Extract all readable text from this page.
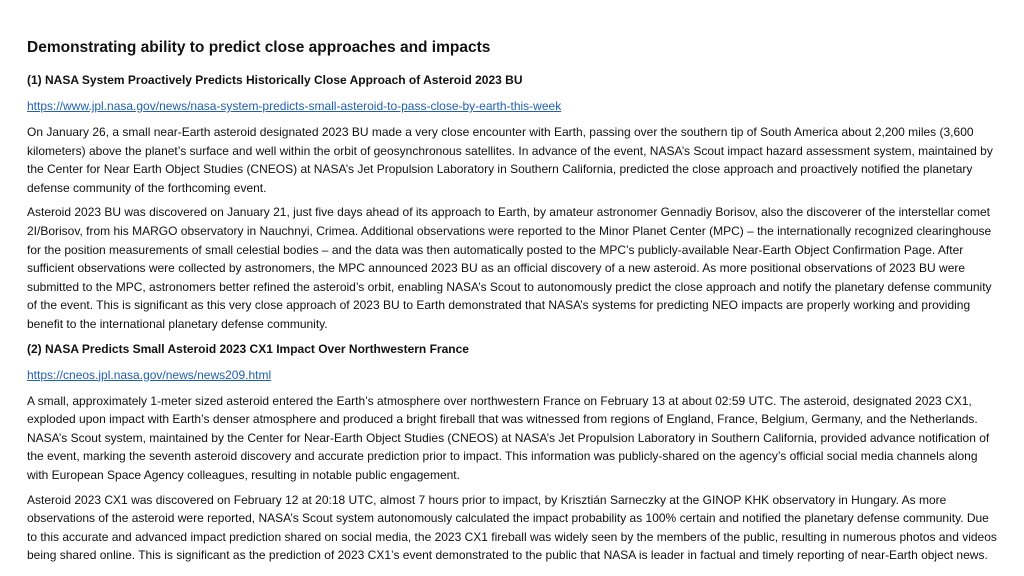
Demonstrating ability to predict close approaches and impacts
(1) NASA System Proactively Predicts Historically Close Approach of Asteroid 2023 BU
https://www.jpl.nasa.gov/news/nasa-system-predicts-small-asteroid-to-pass-close-by-earth-this-week

On January 26, a small near-Earth asteroid designated 2023 BU made a very close encounter with Earth, passing over the southern tip of South America about 2,200 miles (3,600 kilometers) above the planet’s surface and well within the orbit of geosynchronous satellites. In advance of the event, NASA’s Scout impact hazard assessment system, maintained by the Center for Near Earth Object Studies (CNEOS) at NASA’s Jet Propulsion Laboratory in Southern California, predicted the close approach and proactively notified the planetary defense community of the forthcoming event.

Asteroid 2023 BU was discovered on January 21, just five days ahead of its approach to Earth, by amateur astronomer Gennadiy Borisov, also the discoverer of the interstellar comet 2I/Borisov, from his MARGO observatory in Nauchnyi, Crimea. Additional observations were reported to the Minor Planet Center (MPC) – the internationally recognized clearinghouse for the position measurements of small celestial bodies – and the data was then automatically posted to the MPC’s publicly-available Near-Earth Object Confirmation Page. After sufficient observations were collected by astronomers, the MPC announced 2023 BU as an official discovery of a new asteroid. As more positional observations of 2023 BU were submitted to the MPC, astronomers better refined the asteroid’s orbit, enabling NASA’s Scout to autonomously predict the close approach and notify the planetary defense community of the event. This is significant as this very close approach of 2023 BU to Earth demonstrated that NASA’s systems for predicting NEO impacts are properly working and providing benefit to the international planetary defense community.

(2) NASA Predicts Small Asteroid 2023 CX1 Impact Over Northwestern France
https://cneos.jpl.nasa.gov/news/news209.html

A small, approximately 1-meter sized asteroid entered the Earth’s atmosphere over northwestern France on February 13 at about 02:59 UTC. The asteroid, designated 2023 CX1, exploded upon impact with Earth’s denser atmosphere and produced a bright fireball that was witnessed from regions of England, France, Belgium, Germany, and the Netherlands. NASA’s Scout system, maintained by the Center for Near-Earth Object Studies (CNEOS) at NASA’s Jet Propulsion Laboratory in Southern California, provided advance notification of the event, marking the seventh asteroid discovery and accurate prediction prior to impact. This information was publicly-shared on the agency’s official social media channels along with European Space Agency colleagues, resulting in notable public engagement.

Asteroid 2023 CX1 was discovered on February 12 at 20:18 UTC, almost 7 hours prior to impact, by Krisztián Sarneczky at the GINOP KHK observatory in Hungary. As more observations of the asteroid were reported, NASA’s Scout system autonomously calculated the impact probability as 100% certain and notified the planetary defense community. Due to this accurate and advanced impact prediction shared on social media, the 2023 CX1 fireball was widely seen by the members of the public, resulting in numerous photos and videos being shared online. This is significant as the prediction of 2023 CX1’s event demonstrated to the public that NASA is leader in factual and timely reporting of near-Earth object news.
